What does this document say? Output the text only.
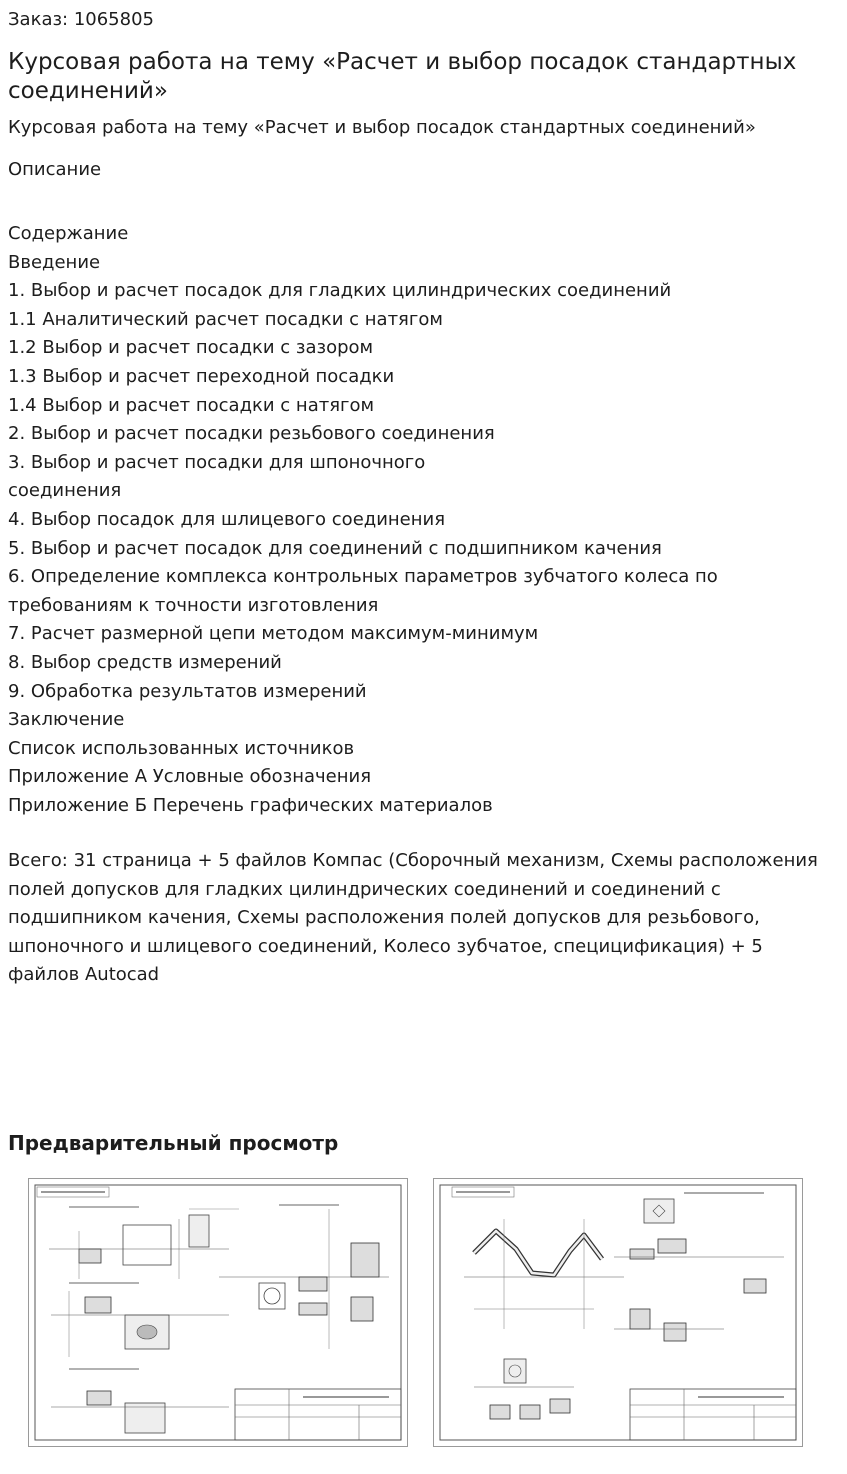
Заказ: 1065805
Курсовая работа на тему «Расчет и выбор посадок стандартных соединений»
Курсовая работа на тему «Расчет и выбор посадок стандартных соединений»
Описание
Содержание
Введение
1. Выбор и расчет посадок для гладких цилиндрических соединений
1.1 Аналитический расчет посадки с натягом
1.2 Выбор и расчет посадки с зазором
1.3 Выбор и расчет переходной посадки
1.4 Выбор и расчет посадки с натягом
2. Выбор и расчет посадки резьбового соединения
3. Выбор и расчет посадки для шпоночного
соединения
4. Выбор посадок для шлицевого соединения
5. Выбор и расчет посадок для соединений с подшипником качения
6. Определение комплекса контрольных параметров зубчатого колеса по
требованиям к точности изготовления
7. Расчет размерной цепи методом максимум-минимум
8. Выбор средств измерений
9. Обработка результатов измерений
Заключение
Список использованных источников
Приложение А Условные обозначения
Приложение Б Перечень графических материалов

Всего: 31 страница + 5 файлов Компас (Сборочный механизм, Схемы расположения полей допусков для гладких цилиндрических соединений и соединений с подшипником качения, Схемы расположения полей допусков для резьбового, шпоночного и шлицевого соединений, Колесо зубчатое, специцификация) + 5 файлов Autocad

Предварительный просмотр
